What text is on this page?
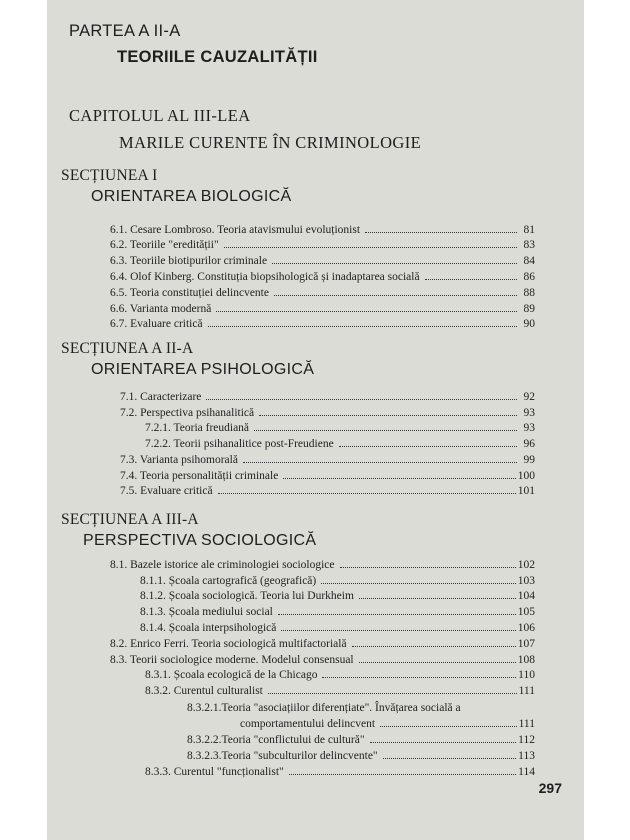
PARTEA A II-A
TEORIILE CAUZALITĂȚII
CAPITOLUL AL III-LEA
MARILE CURENTE ÎN CRIMINOLOGIE
SECȚIUNEA I
ORIENTAREA BIOLOGICĂ
6.1. Cesare Lombroso. Teoria atavismului evoluționist	81
6.2. Teoriile "eredității"	83
6.3. Teoriile biotipurilor criminale	84
6.4. Olof Kinberg. Constituția biopsihologică și inadaptarea socială	86
6.5. Teoria constituției delincvente	88
6.6. Varianta modernă	89
6.7. Evaluare critică	90
SECȚIUNEA A II-A
ORIENTAREA PSIHOLOGICĂ
7.1. Caracterizare	92
7.2. Perspectiva psihanalitică	93
7.2.1. Teoria freudiană	93
7.2.2. Teorii psihanalitice post-Freudiene	96
7.3. Varianta psihomorală	99
7.4. Teoria personalității criminale	100
7.5. Evaluare critică	101
SECȚIUNEA A III-A
PERSPECTIVA SOCIOLOGICĂ
8.1. Bazele istorice ale criminologiei sociologice	102
8.1.1. Școala cartografică (geografică)	103
8.1.2. Școala sociologică. Teoria lui Durkheim	104
8.1.3. Școala mediului social	105
8.1.4. Școala interpsihologică	106
8.2. Enrico Ferri. Teoria sociologică multifactorială	107
8.3. Teorii sociologice moderne. Modelul consensual	108
8.3.1. Școala ecologică de la Chicago	110
8.3.2. Curentul culturalist	111
8.3.2.1.Teoria "asociațiilor diferențiate". Învățarea socială a
comportamentului delincvent	111
8.3.2.2.Teoria "conflictului de cultură"	112
8.3.2.3.Teoria "subculturilor delincvente"	113
8.3.3. Curentul "funcționalist"	114
297
